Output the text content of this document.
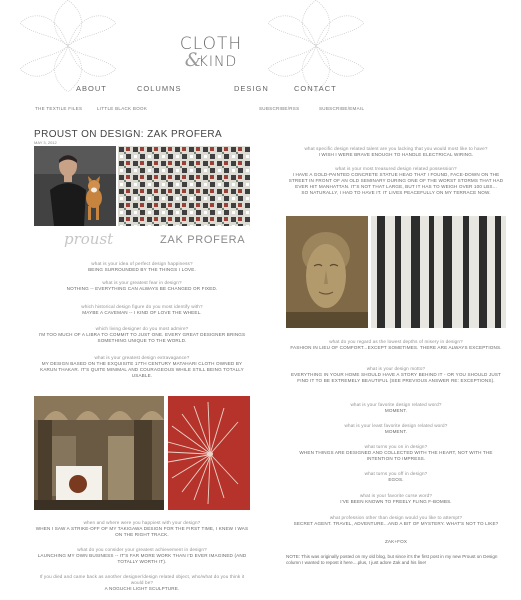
CLOTH
&KIND
ABOUT	COLUMNS	DESIGN	CONTACT
THE TEXTILE FILES	LITTLE BLACK BOOK	SUBSCRIBE/RSS	SUBSCRIBE/EMAIL
PROUST ON DESIGN: ZAK PROFERA
MAY 3, 2012
proust	ZAK PROFERA
what is your idea of perfect design happiness?
BEING SURROUNDED BY THE THINGS I LOVE.
what is your greatest fear in design?
NOTHING -- EVERYTHING CAN ALWAYS BE CHANGED OR FIXED.
which historical design figure do you most identify with?
MAYBE A CAVEMAN -- I KIND OF LOVE THE WHEEL.
which living designer do you most admire?
I'M TOO MUCH OF A LIBRA TO COMMIT TO JUST ONE. EVERY GREAT DESIGNER BRINGS SOMETHING UNIQUE TO THE WORLD.
what is your greatest design extravagance?
MY DESIGN BASED ON THE EXQUISITE 17TH CENTURY MATAHARI CLOTH OWNED BY KARUN THAKAR. IT'S QUITE MINIMAL AND COURAGEOUS WHILE STILL BEING TOTALLY USABLE.
when and where were you happiest with your design?
WHEN I SAW A STRIKE-OFF OF MY TAKIGAWA DESIGN FOR THE FIRST TIME, I KNEW I WAS ON THE RIGHT TRACK.
what do you consider your greatest achievement in design?
LAUNCHING MY OWN BUSINESS -- IT'S FAR MORE WORK THAN I'D EVER IMAGINED (AND TOTALLY WORTH IT).
If you died and came back as another designer/design related object, who/what do you think it would be?
A NOGUCHI LIGHT SCULPTURE.
what specific design related talent are you lacking that you would most like to have?
I WISH I WERE BRAVE ENOUGH TO HANDLE ELECTRICAL WIRING.
what is your most treasured design related possession?
I HAVE A GOLD-PAINTED CONCRETE STATUE HEAD THAT I FOUND, FACE-DOWN ON THE STREET IN FRONT OF AN OLD SEMINARY DURING ONE OF THE WORST STORMS THAT HAD EVER HIT MANHATTAN. IT'S NOT THAT LARGE, BUT IT HAS TO WEIGH OVER 100 LBS...
SO NATURALLY, I HAD TO HAVE IT. IT LIVES PEACEFULLY ON MY TERRACE NOW.
what do you regard as the lowest depths of misery in design?
FASHION IN LIEU OF COMFORT...EXCEPT SOMETIMES. THERE ARE ALWAYS EXCEPTIONS.
what is your design motto?
EVERYTHING IN YOUR HOME SHOULD HAVE A STORY BEHIND IT - OR YOU SHOULD JUST FIND IT TO BE EXTREMELY BEAUTIFUL (SEE PREVIOUS ANSWER RE: EXCEPTIONS).
what is your favorite design related word?
MOMENT.
what is your least favorite design related word?
MOMENT.
what turns you on in design?
WHEN THINGS ARE DESIGNED AND COLLECTED WITH THE HEART, NOT WITH THE INTENTION TO IMPRESS.
what turns you off in design?
EGOS.
what is your favorite curse word?
I'VE BEEN KNOWN TO FREELY FLING F-BOMBS.
what profession other than design would you like to attempt?
SECRET AGENT. TRAVEL, ADVENTURE...AND A BIT OF MYSTERY. WHAT'S NOT TO LIKE?
ZAK+FOX
NOTE: This was originally posted on my old blog, but since it's the first post in my new Proust on Design column I wanted to repost it here....plus, I just adore Zak and his line!
